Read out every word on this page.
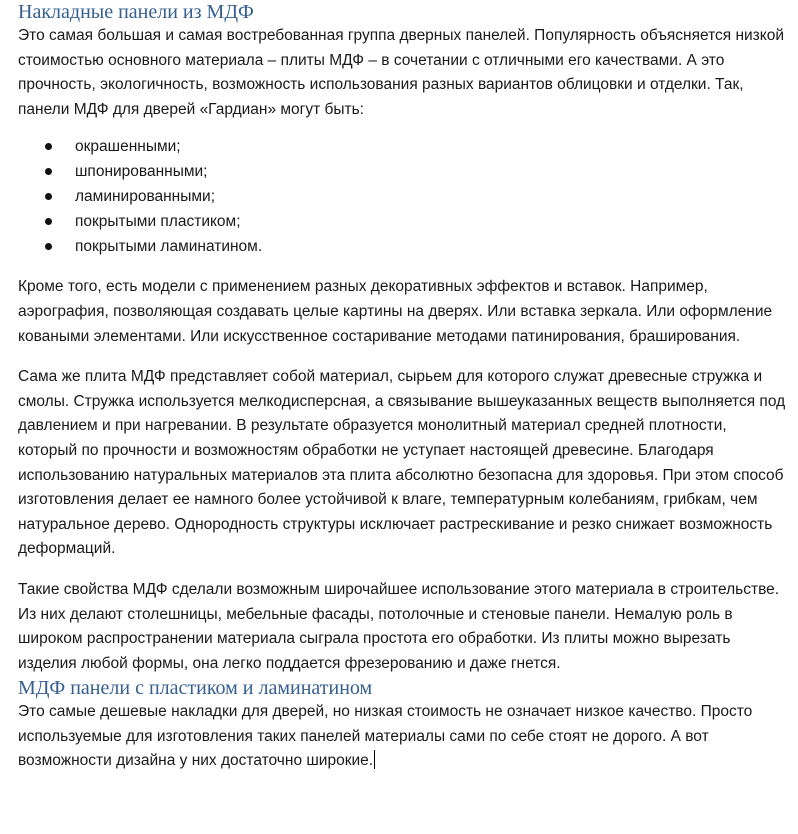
Накладные панели из МДФ

Это самая большая и самая востребованная группа дверных панелей. Популярность объясняется низкой стоимостью основного материала – плиты МДФ – в сочетании с отличными его качествами. А это прочность, экологичность, возможность использования разных вариантов облицовки и отделки. Так, панели МДФ для дверей «Гардиан» могут быть:

окрашенными;
шпонированными;
ламинированными;
покрытыми пластиком;
покрытыми ламинатином.

Кроме того, есть модели с применением разных декоративных эффектов и вставок. Например, аэрография, позволяющая создавать целые картины на дверях. Или вставка зеркала. Или оформление коваными элементами. Или искусственное состаривание методами патинирования, браширования.

Сама же плита МДФ представляет собой материал, сырьем для которого служат древесные стружка и смолы. Стружка используется мелкодисперсная, а связывание вышеуказанных веществ выполняется под давлением и при нагревании. В результате образуется монолитный материал средней плотности, который по прочности и возможностям обработки не уступает настоящей древесине. Благодаря использованию натуральных материалов эта плита абсолютно безопасна для здоровья. При этом способ изготовления делает ее намного более устойчивой к влаге, температурным колебаниям, грибкам, чем натуральное дерево. Однородность структуры исключает растрескивание и резко снижает возможность деформаций.

Такие свойства МДФ сделали возможным широчайшее использование этого материала в строительстве. Из них делают столешницы, мебельные фасады, потолочные и стеновые панели. Немалую роль в широком распространении материала сыграла простота его обработки. Из плиты можно вырезать изделия любой формы, она легко поддается фрезерованию и даже гнется.

МДФ панели с пластиком и ламинатином

Это самые дешевые накладки для дверей, но низкая стоимость не означает низкое качество. Просто используемые для изготовления таких панелей материалы сами по себе стоят не дорого. А вот возможности дизайна у них достаточно широкие.
